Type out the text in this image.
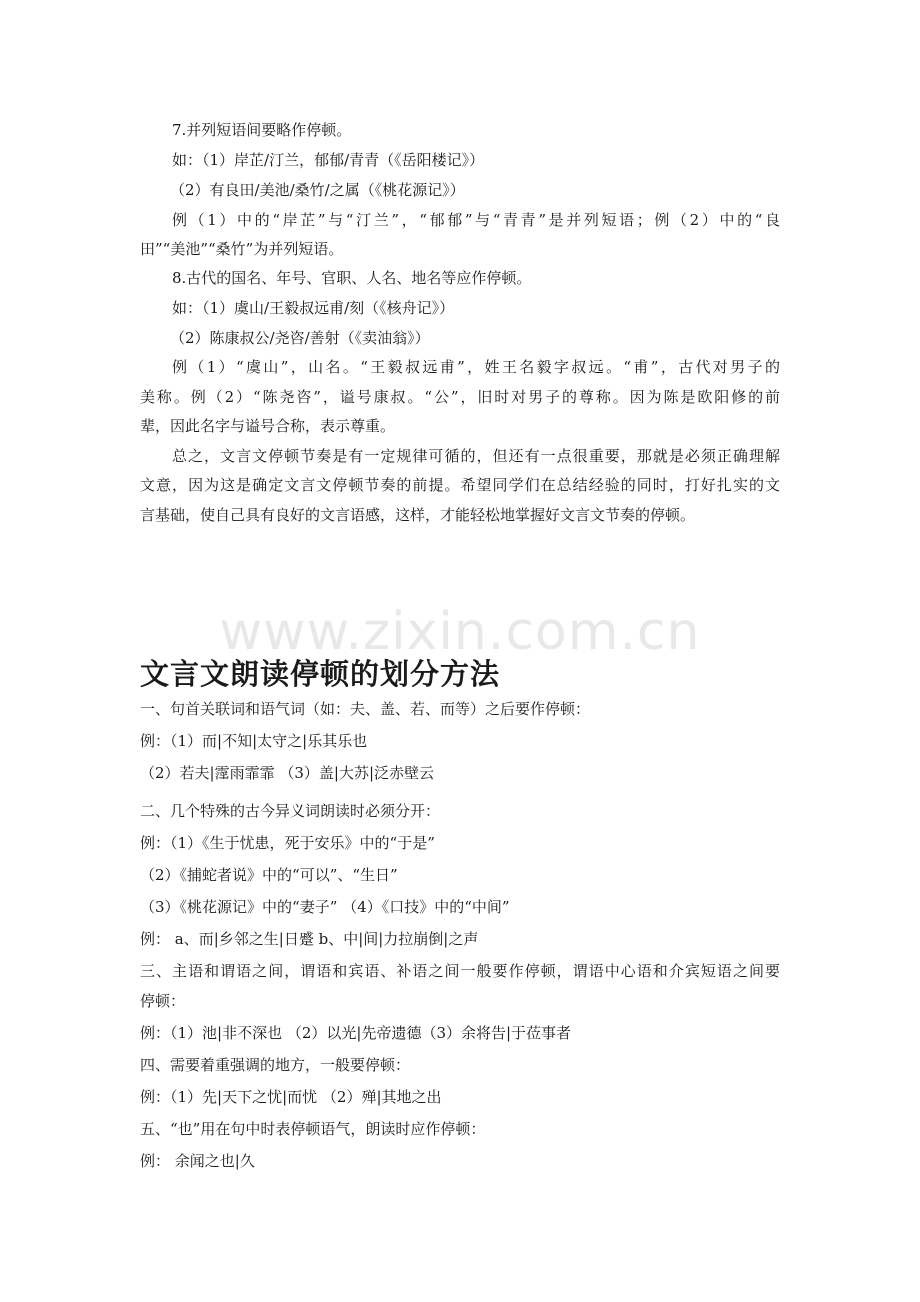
7.并列短语间要略作停顿。
如：（1）岸芷/汀兰，郁郁/青青（《岳阳楼记》）
（2）有良田/美池/桑竹/之属（《桃花源记》）
例（1）中的“岸芷”与“汀兰”，“郁郁”与“青青”是并列短语；例（2）中的“良
田”“美池”“桑竹”为并列短语。
8.古代的国名、年号、官职、人名、地名等应作停顿。
如：（1）虞山/王毅叔远甫/刻（《核舟记》）
（2）陈康叔公/尧咨/善射（《卖油翁》）
例（1）“虞山”，山名。“王毅叔远甫”，姓王名毅字叔远。“甫”，古代对男子的
美称。例（2）“陈尧咨”，谥号康叔。“公”，旧时对男子的尊称。因为陈是欧阳修的前
辈，因此名字与谥号合称，表示尊重。
总之，文言文停顿节奏是有一定规律可循的，但还有一点很重要，那就是必须正确理解
文意，因为这是确定文言文停顿节奏的前提。希望同学们在总结经验的同时，打好扎实的文
言基础，使自己具有良好的文言语感，这样，才能轻松地掌握好文言文节奏的停顿。
www.zixin.com.cn
文言文朗读停顿的划分方法
一、句首关联词和语气词（如：夫、盖、若、而等）之后要作停顿：
例：（1）而|不知|太守之|乐其乐也
（2）若夫|霪雨霏霏 （3）盖|大苏|泛赤壁云
二、几个特殊的古今异义词朗读时必须分开：
例：（1）《生于忧患，死于安乐》中的“于是”
（2）《捕蛇者说》中的“可以”、“生日”
（3）《桃花源记》中的“妻子” （4）《口技》中的“中间”
例： a、而|乡邻之生|日蹙 b、中|间|力拉崩倒|之声
三、主语和谓语之间，谓语和宾语、补语之间一般要作停顿，谓语中心语和介宾短语之间要
停顿：
例：（1）池|非不深也 （2）以光|先帝遗德（3）余将告|于莅事者
四、需要着重强调的地方，一般要停顿：
例：（1）先|天下之忧|而忧 （2）殚|其地之出
五、“也”用在句中时表停顿语气，朗读时应作停顿：
例： 余闻之也|久
